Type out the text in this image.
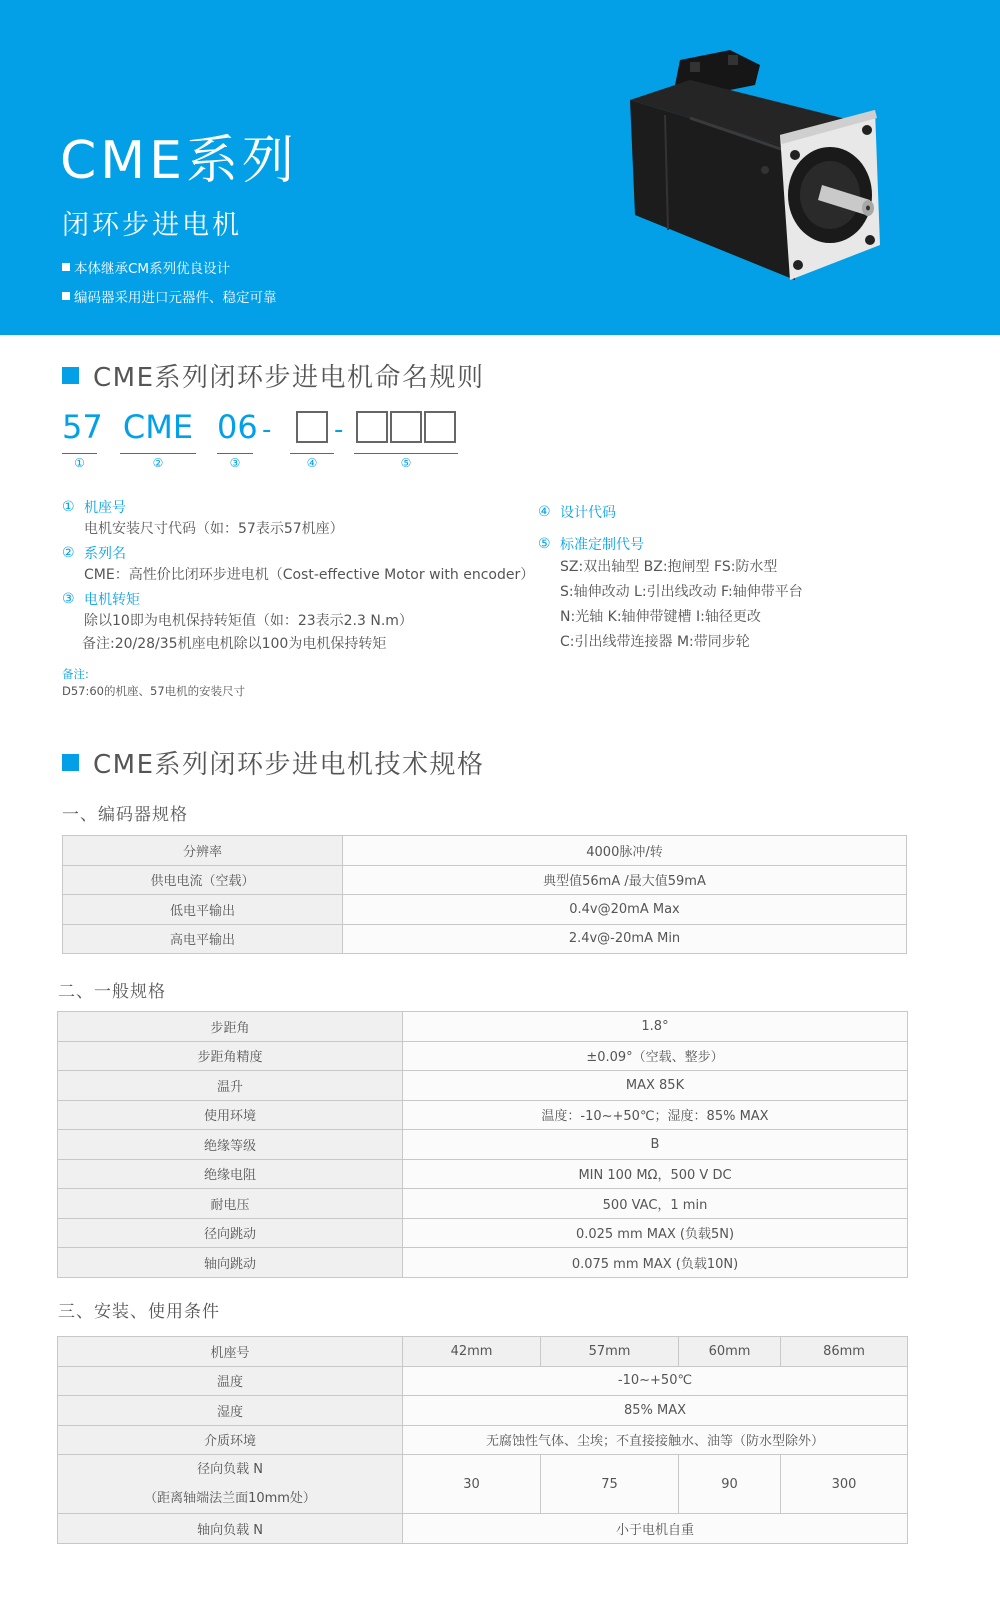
CME系列
闭环步进电机
本体继承CM系列优良设计
编码器采用进口元器件、稳定可靠
CME系列闭环步进电机命名规则
57
①
CME
②
06
③
-
④
-
⑤
① 机座号
电机安装尺寸代码（如：57表示57机座）
② 系列名
CME：高性价比闭环步进电机（Cost-effective Motor with encoder）
③ 电机转矩
除以10即为电机保持转矩值（如：23表示2.3 N.m）
备注:20/28/35机座电机除以100为电机保持转矩
④ 设计代码
⑤ 标准定制代号
SZ:双出轴型 BZ:抱闸型 FS:防水型
S:轴伸改动 L:引出线改动 F:轴伸带平台
N:光轴 K:轴伸带键槽 I:轴径更改
C:引出线带连接器 M:带同步轮
备注:
D57:60的机座、57电机的安装尺寸
CME系列闭环步进电机技术规格
一、编码器规格
分辨率	4000脉冲/转
供电电流（空载）	典型值56mA /最大值59mA
低电平输出	0.4v@20mA Max
高电平输出	2.4v@-20mA Min
二、一般规格
步距角	1.8°
步距角精度	±0.09°（空载、整步）
温升	MAX 85K
使用环境	温度：-10~+50℃；湿度：85% MAX
绝缘等级	B
绝缘电阻	MIN 100 MΩ，500 V DC
耐电压	500 VAC，1 min
径向跳动	0.025 mm MAX (负载5N)
轴向跳动	0.075 mm MAX (负载10N)
三、安装、使用条件
机座号	42mm	57mm	60mm	86mm
温度	-10~+50℃			
湿度	85% MAX			
介质环境	无腐蚀性气体、尘埃；不直接接触水、油等（防水型除外）			

径向负载 N
（距离轴端法兰面10mm处）	30	75	90	300
轴向负载 N	小于电机自重			
